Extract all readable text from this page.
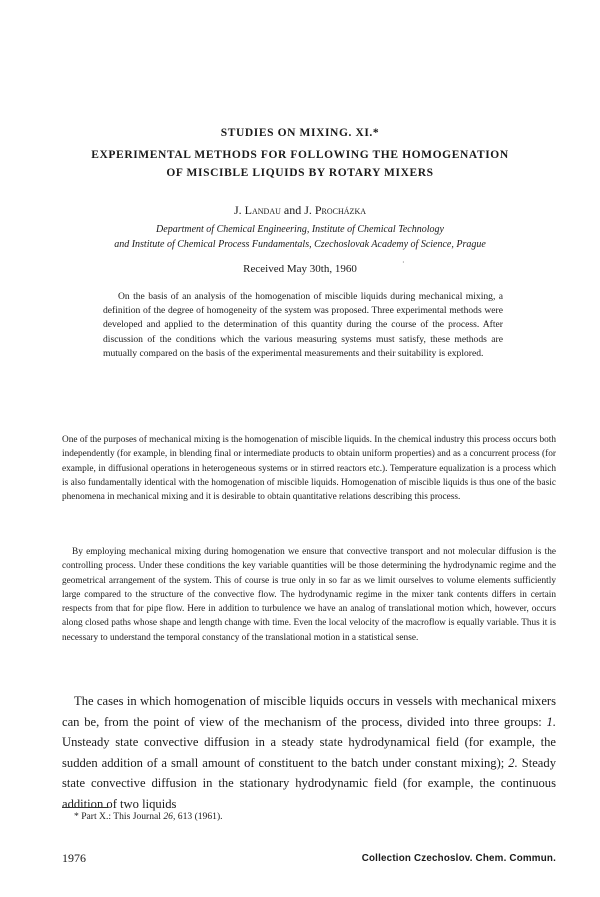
STUDIES ON MIXING. XI.*
EXPERIMENTAL METHODS FOR FOLLOWING THE HOMOGENATION
OF MISCIBLE LIQUIDS BY ROTARY MIXERS
J. Landau and J. Procházka
Department of Chemical Engineering, Institute of Chemical Technology
and Institute of Chemical Process Fundamentals, Czechoslovak Academy of Science, Prague
Received May 30th, 1960
·

On the basis of an analysis of the homogenation of miscible liquids during mechanical mixing, a definition of the degree of homogeneity of the system was proposed. Three experimental methods were developed and applied to the determination of this quantity during the course of the process. After discussion of the conditions which the various measuring systems must satisfy, these methods are mutually compared on the basis of the experimental measurements and their suitability is explored.

One of the purposes of mechanical mixing is the homogenation of miscible liquids. In the chemical industry this process occurs both independently (for example, in blending final or intermediate products to obtain uniform properties) and as a concurrent process (for example, in diffusional operations in heterogeneous systems or in stirred reactors etc.). Temperature equalization is a process which is also fundamentally identical with the homogenation of miscible liquids. Homogenation of miscible liquids is thus one of the basic phenomena in mechanical mixing and it is desirable to obtain quantitative relations describing this process.

By employing mechanical mixing during homogenation we ensure that convective transport and not molecular diffusion is the controlling process. Under these conditions the key variable quantities will be those determining the hydrodynamic regime and the geometrical arrangement of the system. This of course is true only in so far as we limit ourselves to volume elements sufficiently large compared to the structure of the convective flow. The hydrodynamic regime in the mixer tank contents differs in certain respects from that for pipe flow. Here in addition to turbulence we have an analog of translational motion which, however, occurs along closed paths whose shape and length change with time. Even the local velocity of the macroflow is equally variable. Thus it is necessary to understand the temporal constancy of the translational motion in a statistical sense.

The cases in which homogenation of miscible liquids occurs in vessels with mechanical mixers can be, from the point of view of the mechanism of the process, divided into three groups: 1. Unsteady state convective diffusion in a steady state hydrodynamical field (for example, the sudden addition of a small amount of constituent to the batch under constant mixing); 2. Steady state convective diffusion in the stationary hydrodynamic field (for example, the continuous addition of two liquids

* Part X.: This Journal 26, 613 (1961).
1976	Collection Czechoslov. Chem. Commun.
